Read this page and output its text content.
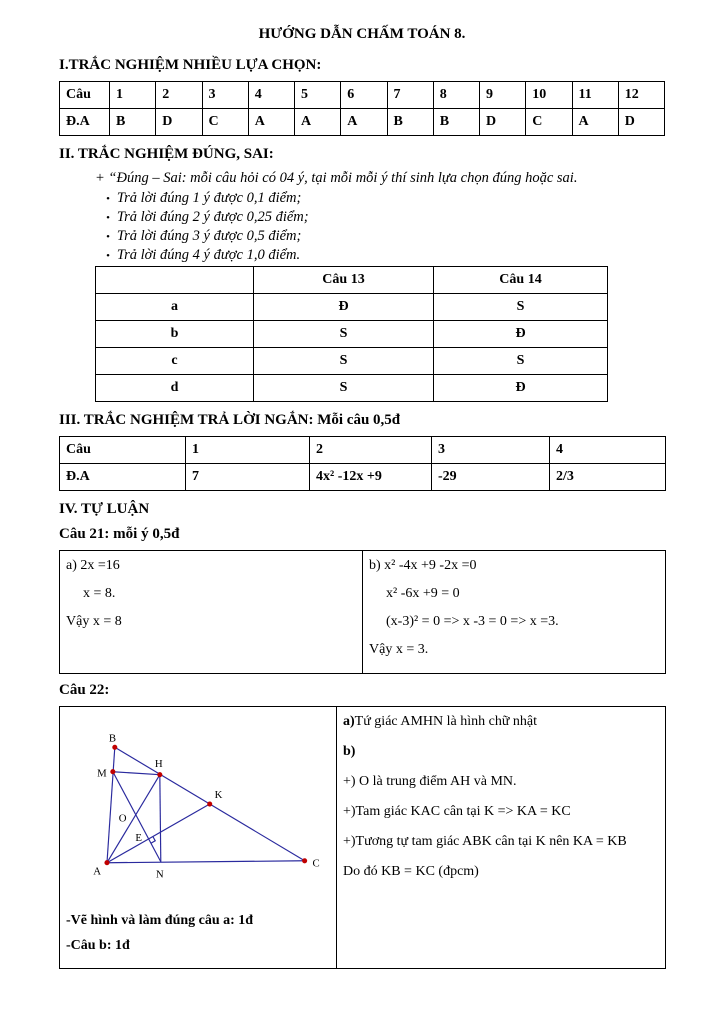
HƯỚNG DẪN CHẤM TOÁN 8.
I.TRẮC NGHIỆM NHIỀU LỰA CHỌN:
Câu	1	2	3	4	5	6	7	8	9	10	11	12
Đ.A	B	D	C	A	A	A	B	B	D	C	A	D
II. TRẮC NGHIỆM ĐÚNG, SAI:
+ “Đúng – Sai: mỗi câu hỏi có 04 ý, tại mỗi mỗi ý thí sinh lựa chọn đúng hoặc sai.
• Trả lời đúng 1 ý được 0,1 điểm;
• Trả lời đúng 2 ý được 0,25 điểm;
• Trả lời đúng 3 ý được 0,5 điểm;
• Trả lời đúng 4 ý được 1,0 điểm.
	Câu 13	Câu 14
a	Đ	S
b	S	Đ
c	S	S
d	S	Đ
III. TRẮC NGHIỆM TRẢ LỜI NGẮN: Mỗi câu 0,5đ
Câu	1	2	3	4
Đ.A	7	4x² -12x +9	-29	2/3
IV. TỰ LUẬN
Câu 21: mỗi ý 0,5đ
a) 2x =16
x = 8.
Vậy x = 8

b) x² -4x +9 -2x =0
x² -6x +9 = 0
(x-3)² = 0 => x -3 = 0 => x =3.
Vậy x = 3.
Câu 22:
B
M
H
K
O
E
A	N
C
-Vẽ hình và làm đúng câu a: 1đ
-Câu b: 1đ

a)Tứ giác AMHN là hình chữ nhật
b)
+) O là trung điểm AH và MN.
+)Tam giác KAC cân tại K => KA = KC
+)Tương tự tam giác ABK cân tại K nên KA = KB
Do đó KB = KC (đpcm)
